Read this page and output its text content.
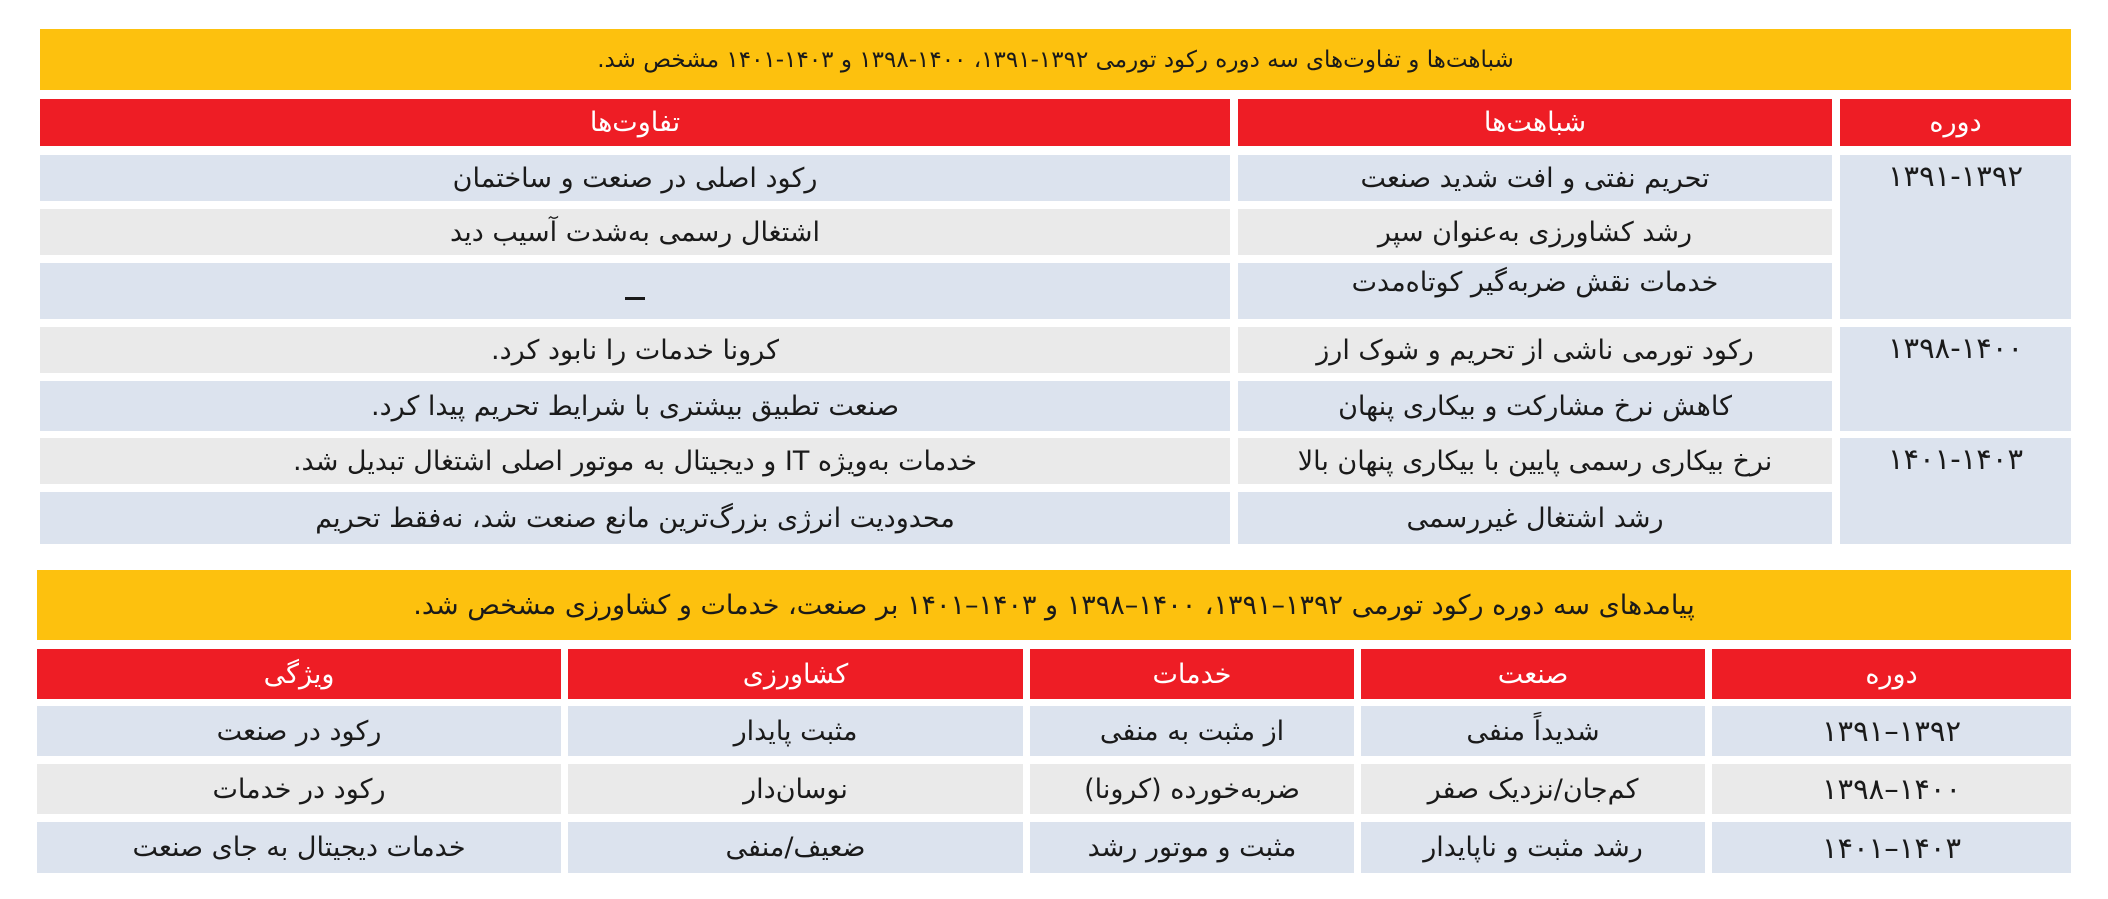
شباهت‌ها و تفاوت‌های سه دوره رکود تورمی ۱۳۹۲-۱۳۹۱، ۱۴۰۰-۱۳۹۸ و ۱۴۰۳-۱۴۰۱ مشخص شد.
دوره
شباهت‌ها
تفاوت‌ها
۱۳۹۱-۱۳۹۲
۱۳۹۸-۱۴۰۰
۱۴۰۱-۱۴۰۳
تحریم نفتی و افت شدید صنعت
رکود اصلی در صنعت و ساختمان
رشد کشاورزی به‌عنوان سپر
اشتغال رسمی به‌شدت آسیب دید
خدمات نقش ضربه‌گیر کوتاه‌مدت
رکود تورمی ناشی از تحریم و شوک ارز
کرونا خدمات را نابود کرد.
کاهش نرخ مشارکت و بیکاری پنهان
صنعت تطبیق بیشتری با شرایط تحریم پیدا کرد.
نرخ بیکاری رسمی پایین با بیکاری پنهان بالا
خدمات به‌ویژه IT و دیجیتال به موتور اصلی اشتغال تبدیل شد.
رشد اشتغال غیررسمی
محدودیت انرژی بزرگ‌ترین مانع صنعت شد، نه‌فقط تحریم
پیامدهای سه دوره رکود تورمی ۱۳۹۲–۱۳۹۱، ۱۴۰۰–۱۳۹۸ و ۱۴۰۳–۱۴۰۱ بر صنعت، خدمات و کشاورزی مشخص شد.
دوره
صنعت
خدمات
کشاورزی
ویژگی
۱۳۹۱–۱۳۹۲
شدیداً منفی
از مثبت به منفی
مثبت پایدار
رکود در صنعت
۱۳۹۸–۱۴۰۰
کم‌جان/نزدیک صفر
ضربه‌خورده (کرونا)
نوسان‌دار
رکود در خدمات
۱۴۰۱–۱۴۰۳
رشد مثبت و ناپایدار
مثبت و موتور رشد
ضعیف/منفی
خدمات دیجیتال به جای صنعت
